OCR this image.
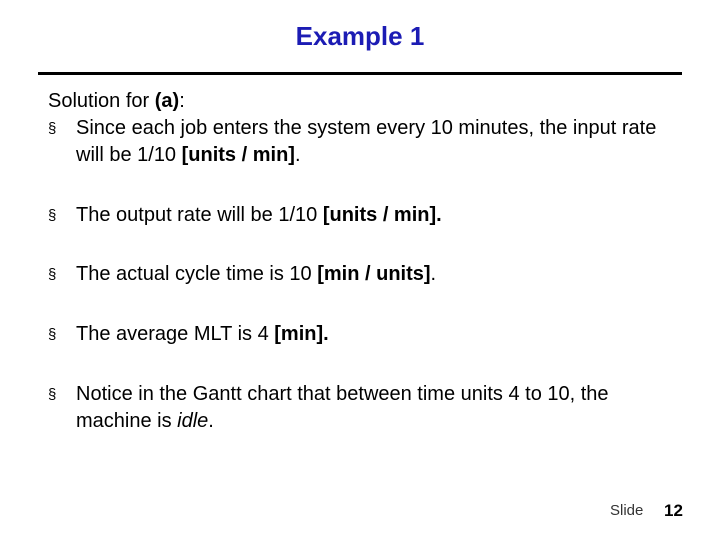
Example 1

Solution for (a):

§ Since each job enters the system every 10 minutes, the input rate will be 1/10 [units / min].

§ The output rate will be 1/10 [units / min].

§ The actual cycle time is 10 [min / units].

§ The average MLT is 4 [min].

§ Notice in the Gantt chart that between time units 4 to 10, the machine is idle.

Slide 12
